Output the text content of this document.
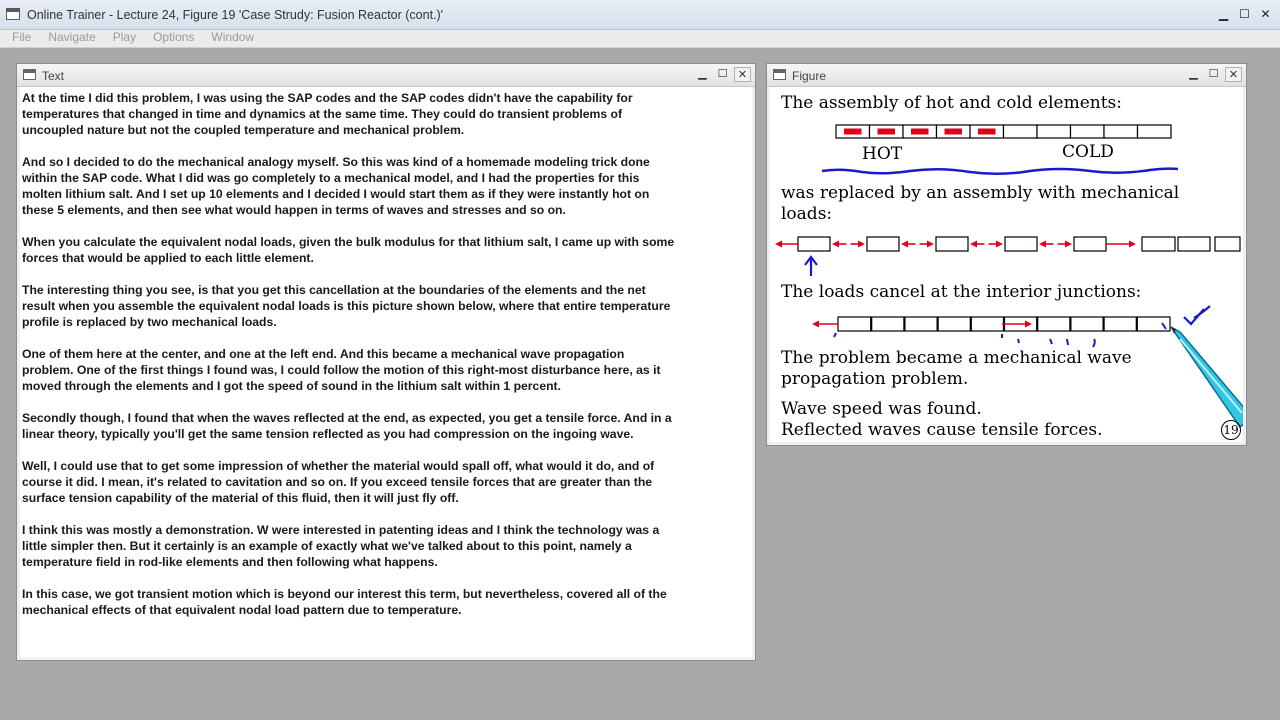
Online Trainer - Lecture 24, Figure 19 'Case Strudy: Fusion Reactor (cont.)'	▁ ☐ ✕
File Navigate Play Options Window
Text	▁ ☐ ✕

At the time I did this problem, I was using the SAP codes and the SAP codes didn't have the capability for
temperatures that changed in time and dynamics at the same time. They could do transient problems of
uncoupled nature but not the coupled temperature and mechanical problem.

And so I decided to do the mechanical analogy myself. So this was kind of a homemade modeling trick done
within the SAP code. What I did was go completely to a mechanical model, and I had the properties for this
molten lithium salt. And I set up 10 elements and I decided I would start them as if they were instantly hot on
these 5 elements, and then see what would happen in terms of waves and stresses and so on.

When you calculate the equivalent nodal loads, given the bulk modulus for that lithium salt, I came up with some
forces that would be applied to each little element.

The interesting thing you see, is that you get this cancellation at the boundaries of the elements and the net
result when you assemble the equivalent nodal loads is this picture shown below, where that entire temperature
profile is replaced by two mechanical loads.

One of them here at the center, and one at the left end. And this became a mechanical wave propagation
problem. One of the first things I found was, I could follow the motion of this right-most disturbance here, as it
moved through the elements and I got the speed of sound in the lithium salt within 1 percent.

Secondly though, I found that when the waves reflected at the end, as expected, you get a tensile force. And in a
linear theory, typically you'll get the same tension reflected as you had compression on the ingoing wave.

Well, I could use that to get some impression of whether the material would spall off, what would it do, and of
course it did. I mean, it's related to cavitation and so on. If you exceed tensile forces that are greater than the
surface tension capability of the material of this fluid, then it will just fly off.

I think this was mostly a demonstration. W were interested in patenting ideas and I think the technology was a
little simpler then. But it certainly is an example of exactly what we've talked about to this point, namely a
temperature field in rod-like elements and then following what happens.

In this case, we got transient motion which is beyond our interest this term, but nevertheless, covered all of the
mechanical effects of that equivalent nodal load pattern due to temperature.

Figure	▁ ☐ ✕
The assembly of hot and cold elements:
HOT	COLD
was replaced by an assembly with mechanical
loads:
The loads cancel at the interior junctions:
The problem became a mechanical wave
propagation problem.
Wave speed was found.
Reflected waves cause tensile forces.	19
